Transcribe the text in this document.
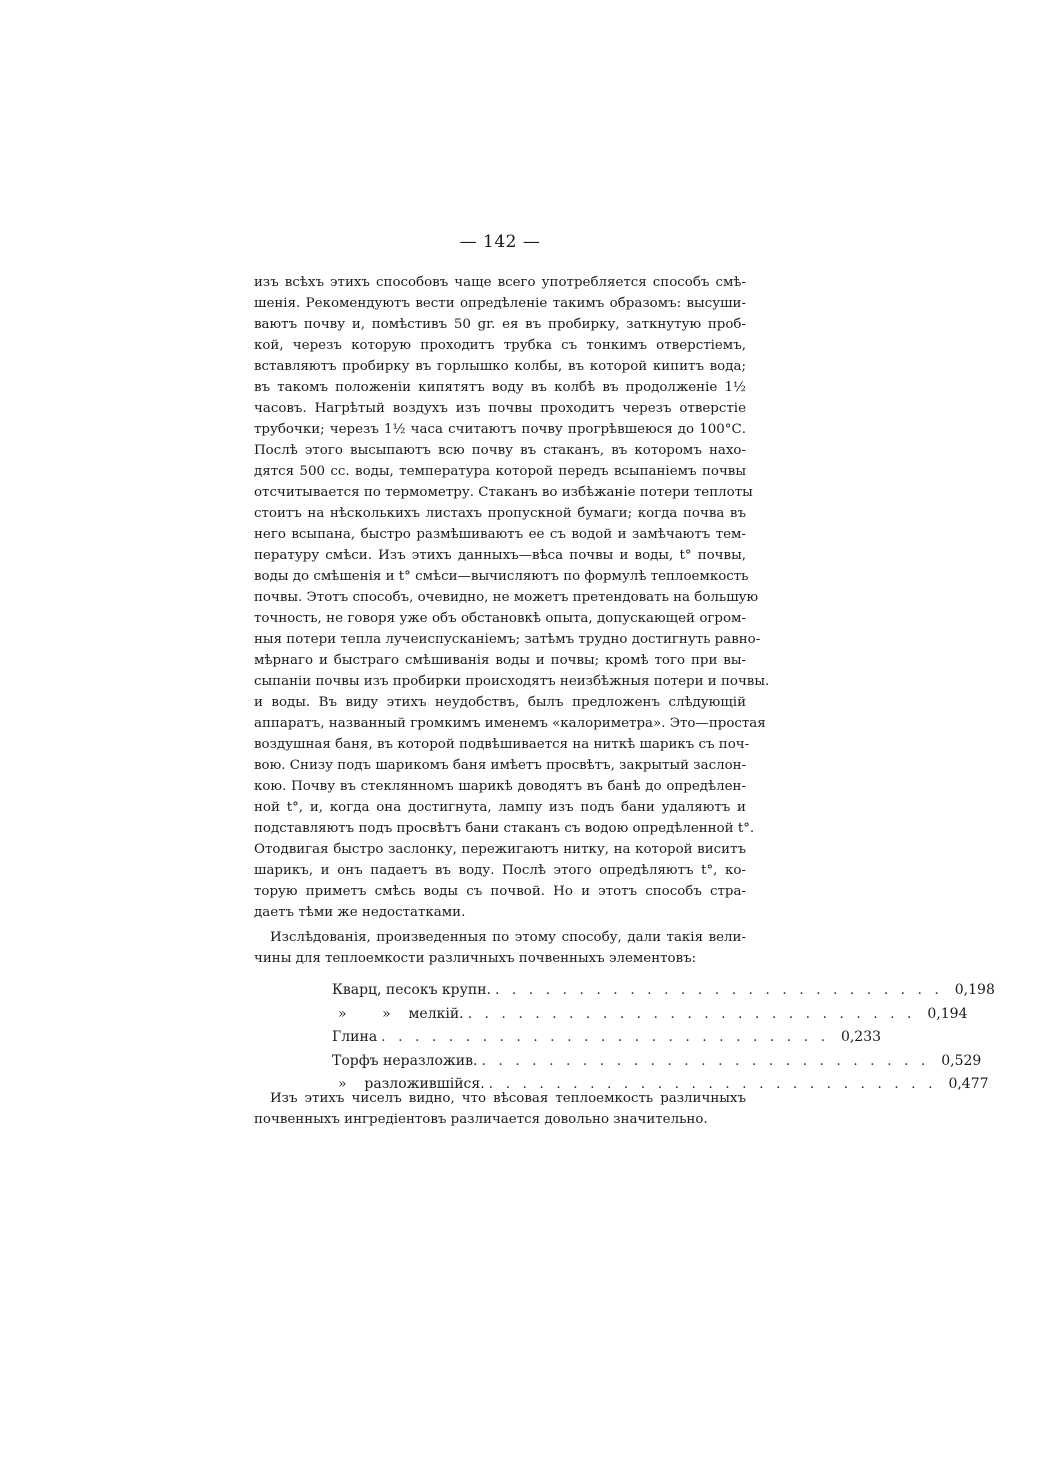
— 142 —
изъ всѣхъ этихъ способовъ чаще всего употребляется способъ смѣ-
шенія. Рекомендуютъ вести опредѣленіе такимъ образомъ: высуши-
ваютъ почву и, помѣстивъ 50 gr. ея въ пробирку, заткнутую проб-
кой, черезъ которую проходитъ трубка съ тонкимъ отверстіемъ,
вставляютъ пробирку въ горлышко колбы, въ которой кипитъ вода;
въ такомъ положеніи кипятятъ воду въ колбѣ въ продолженіе 1½
часовъ. Нагрѣтый воздухъ изъ почвы проходитъ черезъ отверстіе
трубочки; черезъ 1½ часа считаютъ почву прогрѣвшеюся до 100°С.
Послѣ этого высыпаютъ всю почву въ стаканъ, въ которомъ нахо-
дятся 500 сс. воды, температура которой передъ всыпаніемъ почвы
отсчитывается по термометру. Стаканъ во избѣжаніе потери теплоты
стоитъ на нѣсколькихъ листахъ пропускной бумаги; когда почва въ
него всыпана, быстро размѣшиваютъ ее съ водой и замѣчаютъ тем-
пературу смѣси. Изъ этихъ данныхъ—вѣса почвы и воды, t° почвы,
воды до смѣшенія и t° смѣси—вычисляютъ по формулѣ теплоемкость
почвы. Этотъ способъ, очевидно, не можетъ претендовать на большую
точность, не говоря уже объ обстановкѣ опыта, допускающей огром-
ныя потери тепла лучеиспусканіемъ; затѣмъ трудно достигнуть равно-
мѣрнаго и быстраго смѣшиванія воды и почвы; кромѣ того при вы-
сыпаніи почвы изъ пробирки происходятъ неизбѣжныя потери и почвы.
и воды. Въ виду этихъ неудобствъ, былъ предложенъ слѣдующій
аппаратъ, названный громкимъ именемъ «калориметра». Это—простая
воздушная баня, въ которой подвѣшивается на ниткѣ шарикъ съ поч-
вою. Снизу подъ шарикомъ баня имѣетъ просвѣтъ, закрытый заслон-
кою. Почву въ стеклянномъ шарикѣ доводятъ въ банѣ до опредѣлен-
ной t°, и, когда она достигнута, лампу изъ подъ бани удаляютъ и
подставляютъ подъ просвѣтъ бани стаканъ съ водою опредѣленной t°.
Отодвигая быстро заслонку, пережигаютъ нитку, на которой виситъ
шарикъ, и онъ падаетъ въ воду. Послѣ этого опредѣляютъ t°, ко-
торую приметъ смѣсь воды съ почвой. Но и этотъ способъ стра-
даетъ тѣми же недостатками.
Изслѣдованія, произведенныя по этому способу, дали такія вели-
чины для теплоемкости различныхъ почвенныхъ элементовъ:
Кварц, песокъ крупн. . . . . . . . . . . . . . . . . . . . . . . . . . . . 0,198
»        »    мелкій. . . . . . . . . . . . . . . . . . . . . . . . . . . . 0,194
Глина . . . . . . . . . . . . . . . . . . . . . . . . . . . 0,233
Торфъ неразложив. . . . . . . . . . . . . . . . . . . . . . . . . . . . 0,529
»    разложившійся. . . . . . . . . . . . . . . . . . . . . . . . . . . . 0,477
Изъ этихъ чиселъ видно, что вѣсовая теплоемкость различныхъ
почвенныхъ ингредіентовъ различается довольно значительно.
